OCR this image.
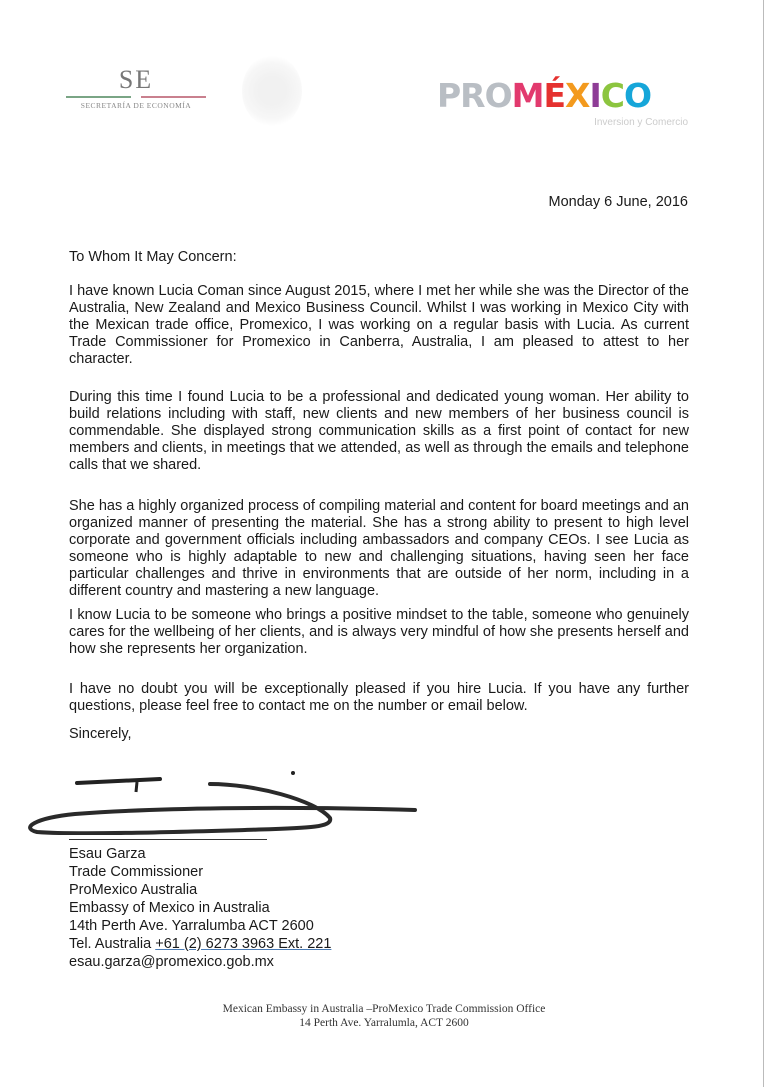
SE
SECRETARÍA DE ECONOMÍA	PROMÉXICO
Inversion y Comercio
Monday 6 June, 2016
To Whom It May Concern:
I have known Lucia Coman since August 2015, where I met her while she was the Director of the Australia, New Zealand and Mexico Business Council. Whilst I was working in Mexico City with the Mexican trade office, Promexico, I was working on a regular basis with Lucia. As current Trade Commissioner for Promexico in Canberra, Australia, I am pleased to attest to her character.
During this time I found Lucia to be a professional and dedicated young woman. Her ability to build relations including with staff, new clients and new members of her business council is commendable. She displayed strong communication skills as a first point of contact for new members and clients, in meetings that we attended, as well as through the emails and telephone calls that we shared.
She has a highly organized process of compiling material and content for board meetings and an organized manner of presenting the material. She has a strong ability to present to high level corporate and government officials including ambassadors and company CEOs. I see Lucia as someone who is highly adaptable to new and challenging situations, having seen her face particular challenges and thrive in environments that are outside of her norm, including in a different country and mastering a new language.
I know Lucia to be someone who brings a positive mindset to the table, someone who genuinely cares for the wellbeing of her clients, and is always very mindful of how she presents herself and how she represents her organization.
I have no doubt you will be exceptionally pleased if you hire Lucia. If you have any further questions, please feel free to contact me on the number or email below.
Sincerely,
Esau Garza
Trade Commissioner
ProMexico Australia
Embassy of Mexico in Australia
14th Perth Ave. Yarralumba ACT 2600
Tel. Australia +61 (2) 6273 3963 Ext. 221
esau.garza@promexico.gob.mx
Mexican Embassy in Australia –ProMexico Trade Commission Office
14 Perth Ave. Yarralumla, ACT 2600
